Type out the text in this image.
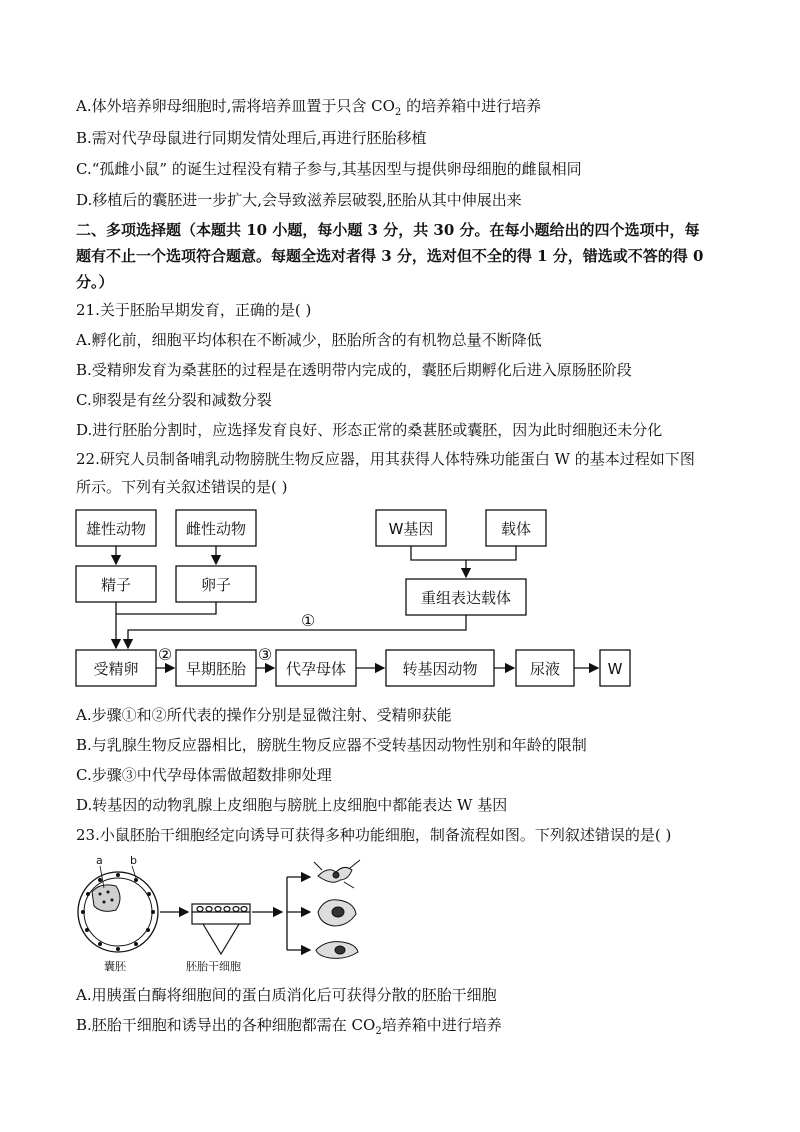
A.体外培养卵母细胞时,需将培养皿置于只含 $CO_2$ 的培养箱中进行培养
B.需对代孕母鼠进行同期发情处理后,再进行胚胎移植
C.“孤雌小鼠” 的诞生过程没有精子参与,其基因型与提供卵母细胞的雌鼠相同
D.移植后的囊胚进一步扩大,会导致滋养层破裂,胚胎从其中伸展出来
二、多项选择题（本题共 10 小题，每小题 3 分，共 30 分。在每小题给出的四个选项中，每
题有不止一个选项符合题意。每题全选对者得 3 分，选对但不全的得 1 分，错选或不答的得 0
分。）
21.关于胚胎早期发育，正确的是( )
A.孵化前，细胞平均体积在不断减少，胚胎所含的有机物总量不断降低
B.受精卵发育为桑葚胚的过程是在透明带内完成的，囊胚后期孵化后进入原肠胚阶段
C.卵裂是有丝分裂和减数分裂
D.进行胚胎分割时，应选择发育良好、形态正常的桑葚胚或囊胚，因为此时细胞还未分化
22.研究人员制备哺乳动物膀胱生物反应器，用其获得人体特殊功能蛋白 W 的基本过程如下图
所示。下列有关叙述错误的是( )
雄性动物	雌性动物	W基因	载体
精子	卵子
重组表达载体
受精卵	早期胚胎	代孕母体	转基因动物	尿液	W
①
②	③
A.步骤①和②所代表的操作分别是显微注射、受精卵获能
B.与乳腺生物反应器相比，膀胱生物反应器不受转基因动物性别和年龄的限制
C.步骤③中代孕母体需做超数排卵处理
D.转基因的动物乳腺上皮细胞与膀胱上皮细胞中都能表达 W 基因
23.小鼠胚胎干细胞经定向诱导可获得多种功能细胞，制备流程如图。下列叙述错误的是( )
a b
囊胚	胚胎干细胞
A.用胰蛋白酶将细胞间的蛋白质消化后可获得分散的胚胎干细胞
B.胚胎干细胞和诱导出的各种细胞都需在 $CO_2$培养箱中进行培养
